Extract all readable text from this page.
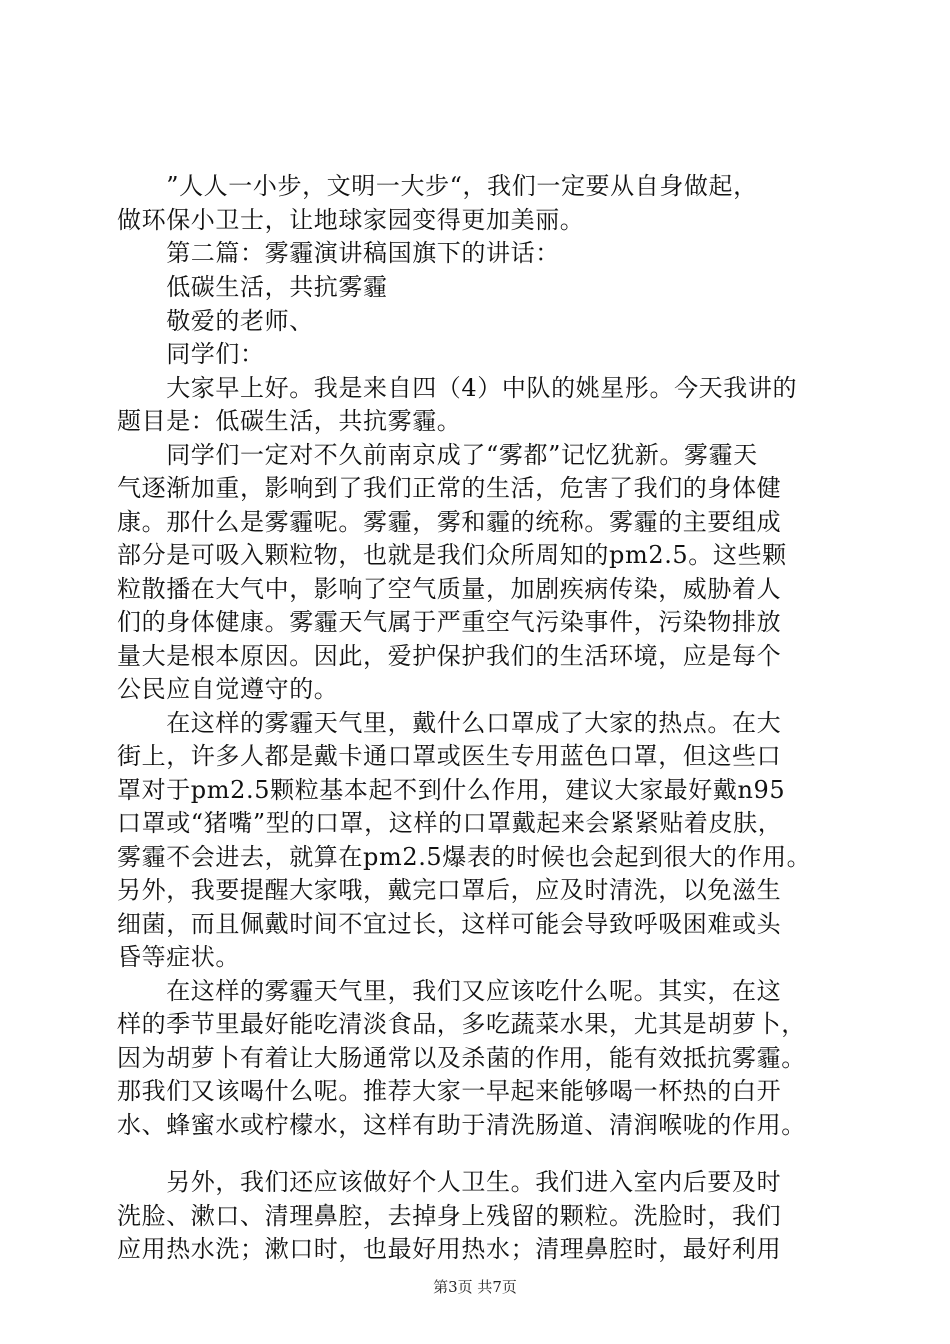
　　”人人一小步，文明一大步“，我们一定要从自身做起，
做环保小卫士，让地球家园变得更加美丽。
　　第二篇：雾霾演讲稿国旗下的讲话：
　　低碳生活，共抗雾霾
　　敬爱的老师、
　　同学们：
　　大家早上好。我是来自四（4）中队的姚星彤。今天我讲的
题目是：低碳生活，共抗雾霾。
　　同学们一定对不久前南京成了“雾都”记忆犹新。雾霾天
气逐渐加重，影响到了我们正常的生活，危害了我们的身体健
康。那什么是雾霾呢。雾霾，雾和霾的统称。雾霾的主要组成
部分是可吸入颗粒物，也就是我们众所周知的pm2.5。这些颗
粒散播在大气中，影响了空气质量，加剧疾病传染，威胁着人
们的身体健康。雾霾天气属于严重空气污染事件，污染物排放
量大是根本原因。因此，爱护保护我们的生活环境，应是每个
公民应自觉遵守的。
　　在这样的雾霾天气里，戴什么口罩成了大家的热点。在大
街上，许多人都是戴卡通口罩或医生专用蓝色口罩，但这些口
罩对于pm2.5颗粒基本起不到什么作用，建议大家最好戴n95
口罩或“猪嘴”型的口罩，这样的口罩戴起来会紧紧贴着皮肤，
雾霾不会进去，就算在pm2.5爆表的时候也会起到很大的作用。
另外，我要提醒大家哦，戴完口罩后，应及时清洗，以免滋生
细菌，而且佩戴时间不宜过长，这样可能会导致呼吸困难或头
昏等症状。
　　在这样的雾霾天气里，我们又应该吃什么呢。其实，在这
样的季节里最好能吃清淡食品，多吃蔬菜水果，尤其是胡萝卜，
因为胡萝卜有着让大肠通常以及杀菌的作用，能有效抵抗雾霾。
那我们又该喝什么呢。推荐大家一早起来能够喝一杯热的白开
水、蜂蜜水或柠檬水，这样有助于清洗肠道、清润喉咙的作用。
　　另外，我们还应该做好个人卫生。我们进入室内后要及时
洗脸、漱口、清理鼻腔，去掉身上残留的颗粒。洗脸时，我们
应用热水洗；漱口时，也最好用热水；清理鼻腔时，最好利用
第3页 共7页
